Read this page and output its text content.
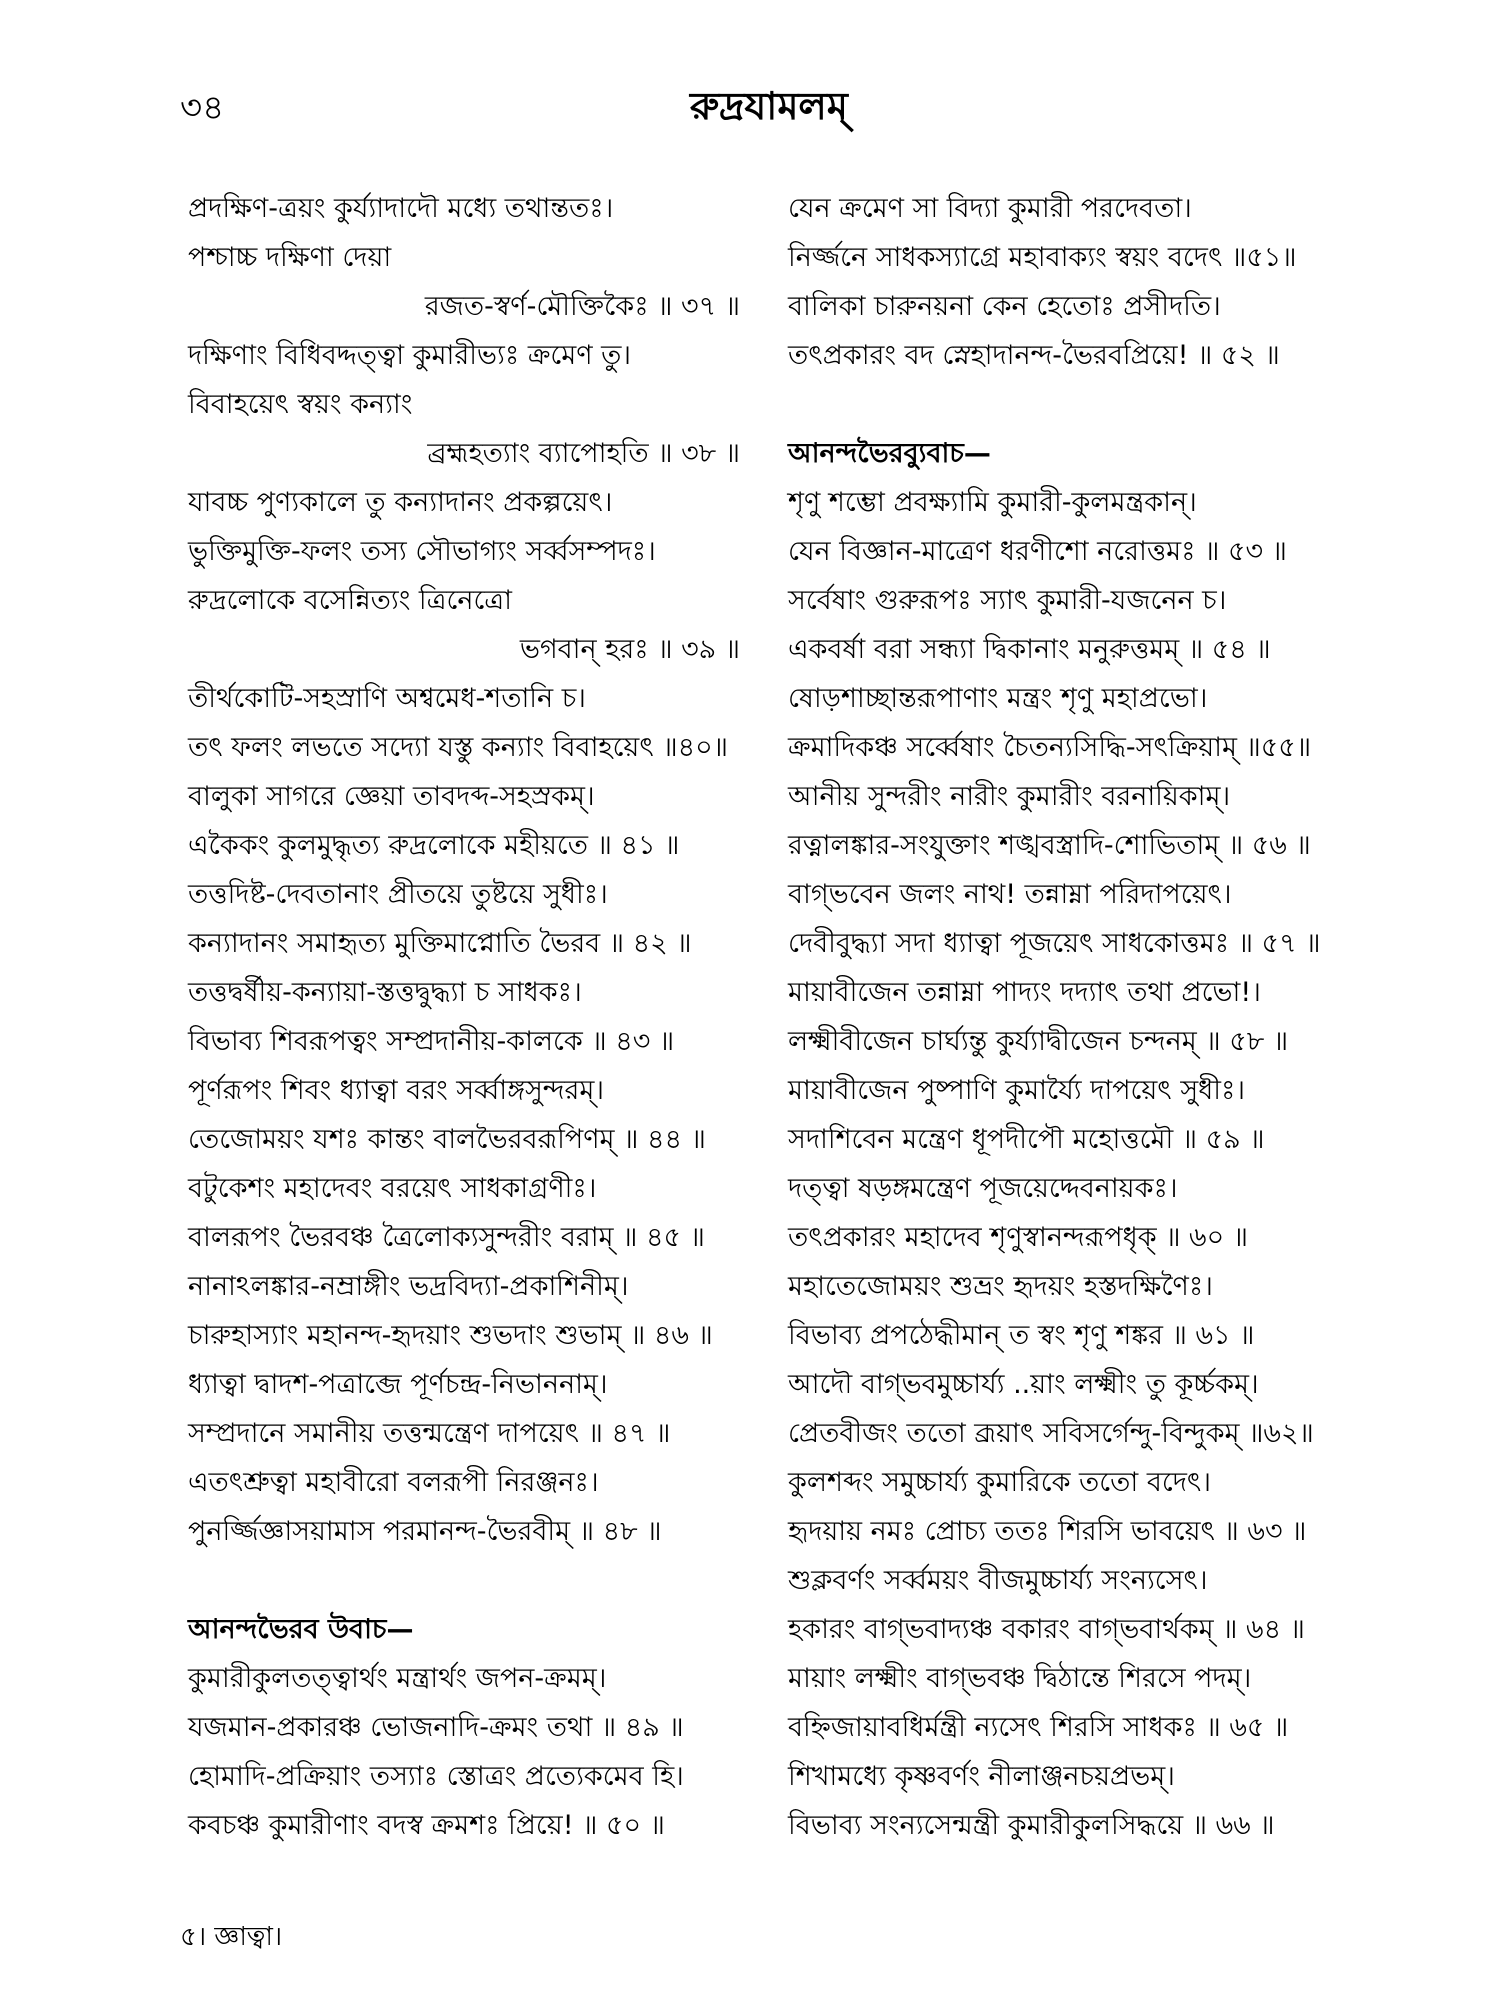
৩৪	রুদ্রযামলম্
প্রদক্ষিণ-ত্রয়ং কুর্য্যাদাদৌ মধ্যে তথান্ততঃ।
পশ্চাচ্চ দক্ষিণা দেয়া
রজত-স্বর্ণ-মৌক্তিকৈঃ ॥ ৩৭ ॥
দক্ষিণাং বিধিবদ্দত্ত্বা কুমারীভ্যঃ ক্রমেণ তু।
বিবাহয়েৎ স্বয়ং কন্যাং
ব্রহ্মহত্যাং ব্যাপোহতি ॥ ৩৮ ॥
যাবচ্চ পুণ্যকালে তু কন্যাদানং প্রকল্পয়েৎ।
ভুক্তিমুক্তি-ফলং তস্য সৌভাগ্যং সর্ব্বসম্পদঃ।
রুদ্রলোকে বসেন্নিত্যং ত্রিনেত্রো
ভগবান্ হরঃ ॥ ৩৯ ॥
তীর্থকোটি-সহস্রাণি অশ্বমেধ-শতানি চ।
তৎ ফলং লভতে সদ্যো যস্তু কন্যাং বিবাহয়েৎ ॥৪০॥
বালুকা সাগরে জ্ঞেয়া তাবদব্দ-সহস্রকম্।
একৈকং কুলমুদ্ধৃত্য রুদ্রলোকে মহীয়তে ॥ ৪১ ॥
তত্তদিষ্ট-দেবতানাং প্রীতয়ে তুষ্টয়ে সুধীঃ।
কন্যাদানং সমাহৃত্য মুক্তিমাপ্নোতি ভৈরব ॥ ৪২ ॥
তত্তদ্বর্ষীয়-কন্যায়া-স্তত্তদ্বুদ্ধ্যা চ সাধকঃ।
বিভাব্য শিবরূপত্বং সম্প্রদানীয়-কালকে ॥ ৪৩ ॥
পূর্ণরূপং শিবং ধ্যাত্বা বরং সর্ব্বাঙ্গসুন্দরম্।
তেজোময়ং যশঃ কান্তং বালভৈরবরূপিণম্ ॥ ৪৪ ॥
বটুকেশং মহাদেবং বরয়েৎ সাধকাগ্রণীঃ।
বালরূপং ভৈরবঞ্চ ত্রৈলোক্যসুন্দরীং বরাম্ ॥ ৪৫ ॥
নানাঽলঙ্কার-নম্রাঙ্গীং ভদ্রবিদ্যা-প্রকাশিনীম্।
চারুহাস্যাং মহানন্দ-হৃদয়াং শুভদাং শুভাম্ ॥ ৪৬ ॥
ধ্যাত্বা দ্বাদশ-পত্রাব্জে পূর্ণচন্দ্র-নিভাননাম্।
সম্প্রদানে সমানীয় তত্তন্মন্ত্রেণ দাপয়েৎ ॥ ৪৭ ॥
এতৎশ্রুত্বা মহাবীরো বলরূপী নিরঞ্জনঃ।
পুনর্জ্জিজ্ঞাসয়ামাস পরমানন্দ-ভৈরবীম্ ॥ ৪৮ ॥
আনন্দভৈরব উবাচ—
কুমারীকুলতত্ত্বার্থং মন্ত্রার্থং জপন-ক্রমম্।
যজমান-প্রকারঞ্চ ভোজনাদি-ক্রমং তথা ॥ ৪৯ ॥
হোমাদি-প্রক্রিয়াং তস্যাঃ স্তোত্রং প্রত্যেকমেব হি।
কবচঞ্চ কুমারীণাং বদস্ব ক্রমশঃ প্রিয়ে! ॥ ৫০ ॥
যেন ক্রমেণ সা বিদ্যা কুমারী পরদেবতা।
নির্জ্জনে সাধকস্যাগ্রে মহাবাক্যং স্বয়ং বদেৎ ॥৫১॥
বালিকা চারুনয়না কেন হেতোঃ প্রসীদতি।
তৎপ্রকারং বদ স্নেহাদানন্দ-ভৈরবপ্রিয়ে! ॥ ৫২ ॥
আনন্দভৈরব্যুবাচ—
শৃণু শম্ভো প্রবক্ষ্যামি কুমারী-কুলমন্ত্রকান্।
যেন বিজ্ঞান-মাত্রেণ ধরণীশো নরোত্তমঃ ॥ ৫৩ ॥
সর্বেষাং গুরুরূপঃ স্যাৎ কুমারী-যজনেন চ।
একবর্ষা বরা সন্ধ্যা দ্বিকানাং মনুরুত্তমম্ ॥ ৫৪ ॥
ষোড়শাচ্ছান্তরূপাণাং মন্ত্রং শৃণু মহাপ্রভো।
ক্রমাদিকঞ্চ সর্ব্বেষাং চৈতন্যসিদ্ধি-সৎক্রিয়াম্ ॥৫৫॥
আনীয় সুন্দরীং নারীং কুমারীং বরনায়িকাম্।
রত্নালঙ্কার-সংযুক্তাং শঙ্খবস্ত্রাদি-শোভিতাম্ ॥ ৫৬ ॥
বাগ্ভবেন জলং নাথ! তন্নাম্না পরিদাপয়েৎ।
দেবীবুদ্ধ্যা সদা ধ্যাত্বা পূজয়েৎ সাধকোত্তমঃ ॥ ৫৭ ॥
মায়াবীজেন তন্নাম্না পাদ্যং দদ্যাৎ তথা প্রভো!।
লক্ষ্মীবীজেন চার্ঘ্যন্তু কুর্য্যাদ্বীজেন চন্দনম্ ॥ ৫৮ ॥
মায়াবীজেন পুষ্পাণি কুমার্য্যৈ দাপয়েৎ সুধীঃ।
সদাশিবেন মন্ত্রেণ ধূপদীপৌ মহোত্তমৌ ॥ ৫৯ ॥
দত্ত্বা ষড়ঙ্গমন্ত্রেণ পূজয়েদ্দেবনায়কঃ।
তৎপ্রকারং মহাদেব শৃণুস্বানন্দরূপধৃক্ ॥ ৬০ ॥
মহাতেজোময়ং শুভ্রং হৃদয়ং হস্তদক্ষিণৈঃ।
বিভাব্য প্রপঠেদ্ধীমান্ ত স্বং শৃণু শঙ্কর ॥ ৬১ ॥
আদৌ বাগ্ভবমুচ্চার্য্য ..য়াং লক্ষ্মীং তু কূর্চ্চকম্।
প্রেতবীজং ততো ব্রূয়াৎ সবিসর্গেন্দু-বিন্দুকম্ ॥৬২॥
কুলশব্দং সমুচ্চার্য্য কুমারিকে ততো বদেৎ।
হৃদয়ায় নমঃ প্রোচ্য ততঃ শিরসি ভাবয়েৎ ॥ ৬৩ ॥
শুক্লবর্ণং সর্ব্বময়ং বীজমুচ্চার্য্য সংন্যসেৎ।
হকারং বাগ্ভবাদ্যঞ্চ বকারং বাগ্ভবার্থকম্ ॥ ৬৪ ॥
মায়াং লক্ষ্মীং বাগ্ভবঞ্চ দ্বিঠান্তে শিরসে পদম্।
বহ্নিজায়াবধির্মন্ত্রী ন্যসেৎ শিরসি সাধকঃ ॥ ৬৫ ॥
শিখামধ্যে কৃষ্ণবর্ণং নীলাঞ্জনচয়প্রভম্।
বিভাব্য সংন্যসেন্মন্ত্রী কুমারীকুলসিদ্ধয়ে ॥ ৬৬ ॥
৫। জ্ঞাত্বা।
